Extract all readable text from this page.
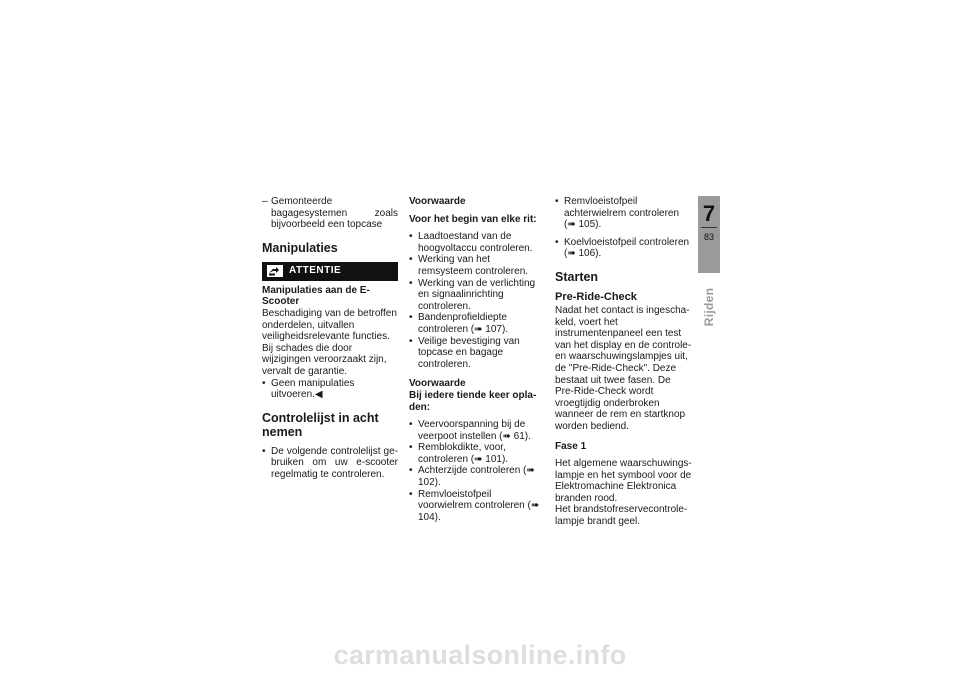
– Gemonteerde bagagesystemen zoals bijvoorbeeld een topcase
Manipulaties
ATTENTIE

Manipulaties aan de E-Scooter

Beschadiging van de betroffen onderdelen, uitvallen veiligheidsrelevante functies. Bij schades die door wijzigingen veroorzaakt zijn, vervalt de garantie.

• Geen manipulaties uitvoeren.◀
Controlelijst in acht nemen
• De volgende controlelijst gebruiken om uw e-scooter regelmatig te controleren.

Voorwaarde

Voor het begin van elke rit:

• Laadtoestand van de hoogvoltaccu controleren.
• Werking van het remsysteem controleren.
• Werking van de verlichting en signaalinrichting controleren.
• Bandenprofieldiepte controleren (➠ 107).
• Veilige bevestiging van topcase en bagage controleren.

Voorwaarde

Bij iedere tiende keer opladen:

• Veervoorspanning bij de veerpoot instellen (➠ 61).
• Remblokdikte, voor, controleren (➠ 101).
• Achterzijde controleren (➠ 102).
• Remvloeistofpeil voorwielrem controleren (➠ 104).
• Remvloeistofpeil achterwielrem controleren (➠ 105).
• Koelvloeistofpeil controleren (➠ 106).
Starten
Pre-Ride-Check

Nadat het contact is ingeschakeld, voert het instrumentenpaneel een test van het display en de controle- en waarschuwingslampjes uit, de "Pre-Ride-Check". Deze bestaat uit twee fasen. De Pre-Ride-Check wordt vroegtijdig onderbroken wanneer de rem en startknop worden bediend.

Fase 1

Het algemene waarschuwingslampje en het symbool voor de Elektromachine Elektronica branden rood.

Het brandstofreservecontrolelampje brandt geel.

7
83
Rijden
carmanualsonline.info
